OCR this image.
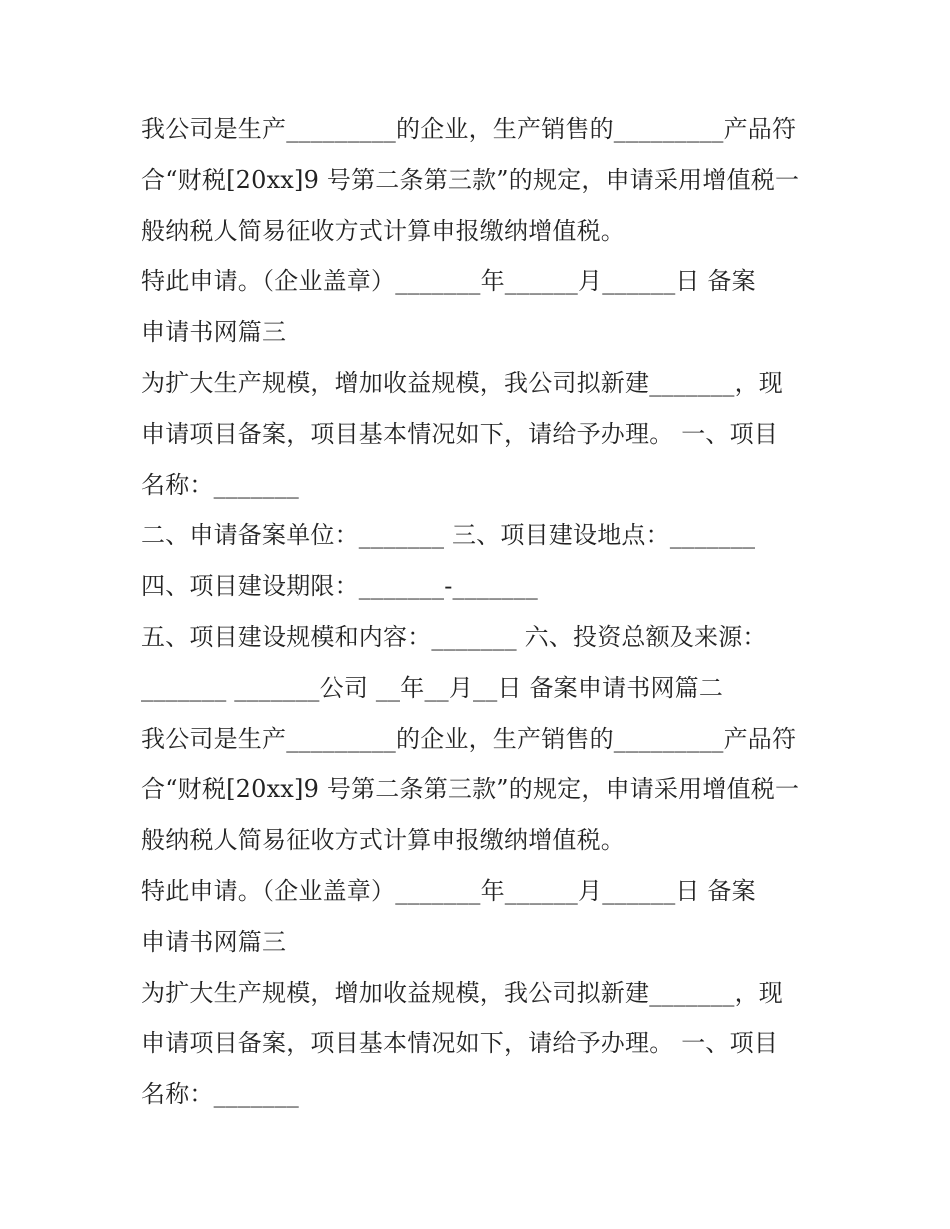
我公司是生产_________的企业，生产销售的_________产品符
合“财税[20xx]9 号第二条第三款”的规定，申请采用增值税一
般纳税人简易征收方式计算申报缴纳增值税。
特此申请。（企业盖章）_______年______月______日 备案
申请书网篇三
为扩大生产规模，增加收益规模，我公司拟新建_______，现
申请项目备案，项目基本情况如下，请给予办理。 一、项目
名称：_______
二、申请备案单位：_______ 三、项目建设地点：_______
四、项目建设期限：_______-_______
五、项目建设规模和内容：_______ 六、投资总额及来源：
_______ _______公司 __年__月__日 备案申请书网篇二
我公司是生产_________的企业，生产销售的_________产品符
合“财税[20xx]9 号第二条第三款”的规定，申请采用增值税一
般纳税人简易征收方式计算申报缴纳增值税。
特此申请。（企业盖章）_______年______月______日 备案
申请书网篇三
为扩大生产规模，增加收益规模，我公司拟新建_______，现
申请项目备案，项目基本情况如下，请给予办理。 一、项目
名称：_______
